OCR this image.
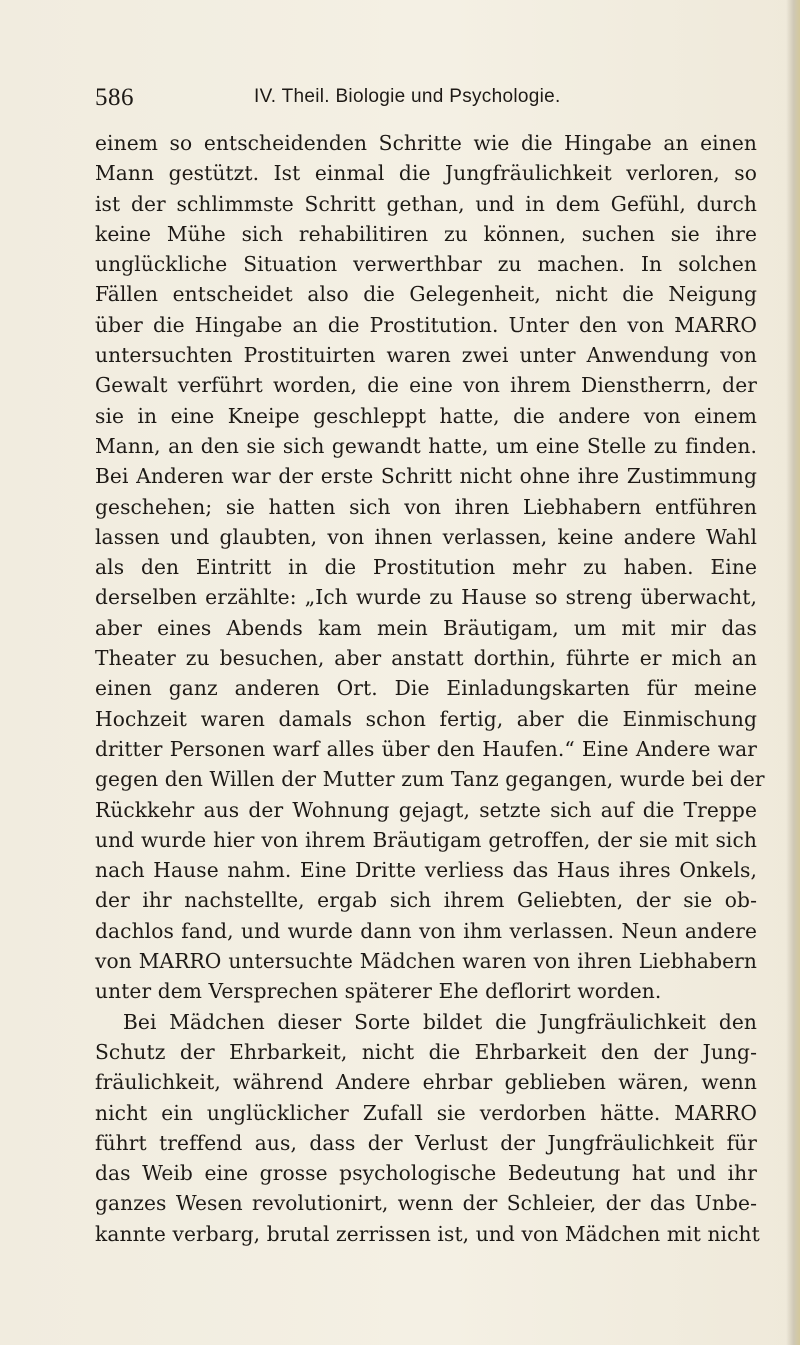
586	IV. Theil. Biologie und Psychologie.
einem so entscheidenden Schritte wie die Hingabe an einen
Mann gestützt. Ist einmal die Jungfräulichkeit verloren, so
ist der schlimmste Schritt gethan, und in dem Gefühl, durch
keine Mühe sich rehabilitiren zu können, suchen sie ihre
unglückliche Situation verwerthbar zu machen. In solchen
Fällen entscheidet also die Gelegenheit, nicht die Neigung
über die Hingabe an die Prostitution. Unter den von MARRO
untersuchten Prostituirten waren zwei unter Anwendung von
Gewalt verführt worden, die eine von ihrem Dienstherrn, der
sie in eine Kneipe geschleppt hatte, die andere von einem
Mann, an den sie sich gewandt hatte, um eine Stelle zu finden.
Bei Anderen war der erste Schritt nicht ohne ihre Zustimmung
geschehen; sie hatten sich von ihren Liebhabern entführen
lassen und glaubten, von ihnen verlassen, keine andere Wahl
als den Eintritt in die Prostitution mehr zu haben. Eine
derselben erzählte: „Ich wurde zu Hause so streng überwacht,
aber eines Abends kam mein Bräutigam, um mit mir das
Theater zu besuchen, aber anstatt dorthin, führte er mich an
einen ganz anderen Ort. Die Einladungskarten für meine
Hochzeit waren damals schon fertig, aber die Einmischung
dritter Personen warf alles über den Haufen.“ Eine Andere war
gegen den Willen der Mutter zum Tanz gegangen, wurde bei der
Rückkehr aus der Wohnung gejagt, setzte sich auf die Treppe
und wurde hier von ihrem Bräutigam getroffen, der sie mit sich
nach Hause nahm. Eine Dritte verliess das Haus ihres Onkels,
der ihr nachstellte, ergab sich ihrem Geliebten, der sie ob-
dachlos fand, und wurde dann von ihm verlassen. Neun andere
von MARRO untersuchte Mädchen waren von ihren Liebhabern
unter dem Versprechen späterer Ehe deflorirt worden.
Bei Mädchen dieser Sorte bildet die Jungfräulichkeit den
Schutz der Ehrbarkeit, nicht die Ehrbarkeit den der Jung-
fräulichkeit, während Andere ehrbar geblieben wären, wenn
nicht ein unglücklicher Zufall sie verdorben hätte. MARRO
führt treffend aus, dass der Verlust der Jungfräulichkeit für
das Weib eine grosse psychologische Bedeutung hat und ihr
ganzes Wesen revolutionirt, wenn der Schleier, der das Unbe-
kannte verbarg, brutal zerrissen ist, und von Mädchen mit nicht
